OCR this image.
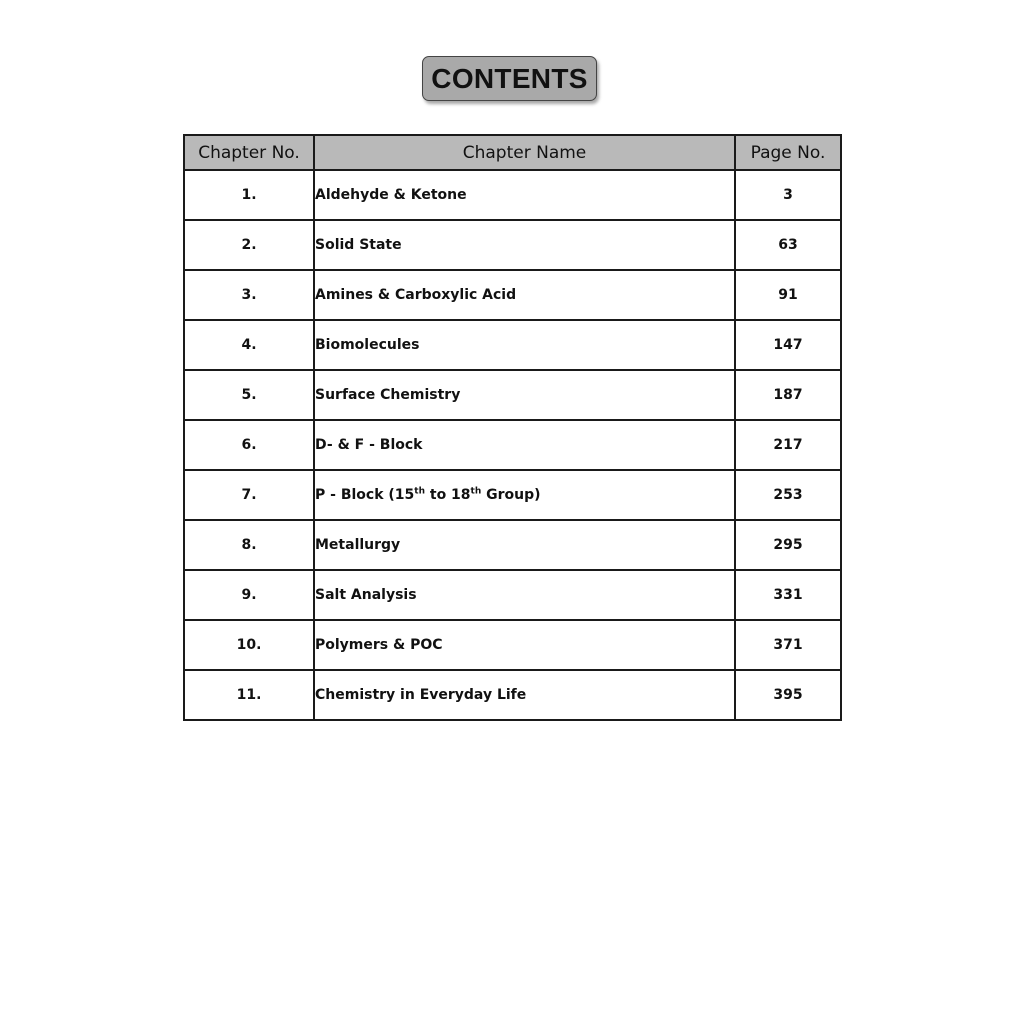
CONTENTS
Chapter No.	Chapter Name	Page No.
1.	Aldehyde & Ketone	3
2.	Solid State	63
3.	Amines & Carboxylic Acid	91
4.	Biomolecules	147
5.	Surface Chemistry	187
6.	D- & F - Block	217
7.	P - Block (15th to 18th Group)	253
8.	Metallurgy	295
9.	Salt Analysis	331
10.	Polymers & POC	371
11.	Chemistry in Everyday Life	395
